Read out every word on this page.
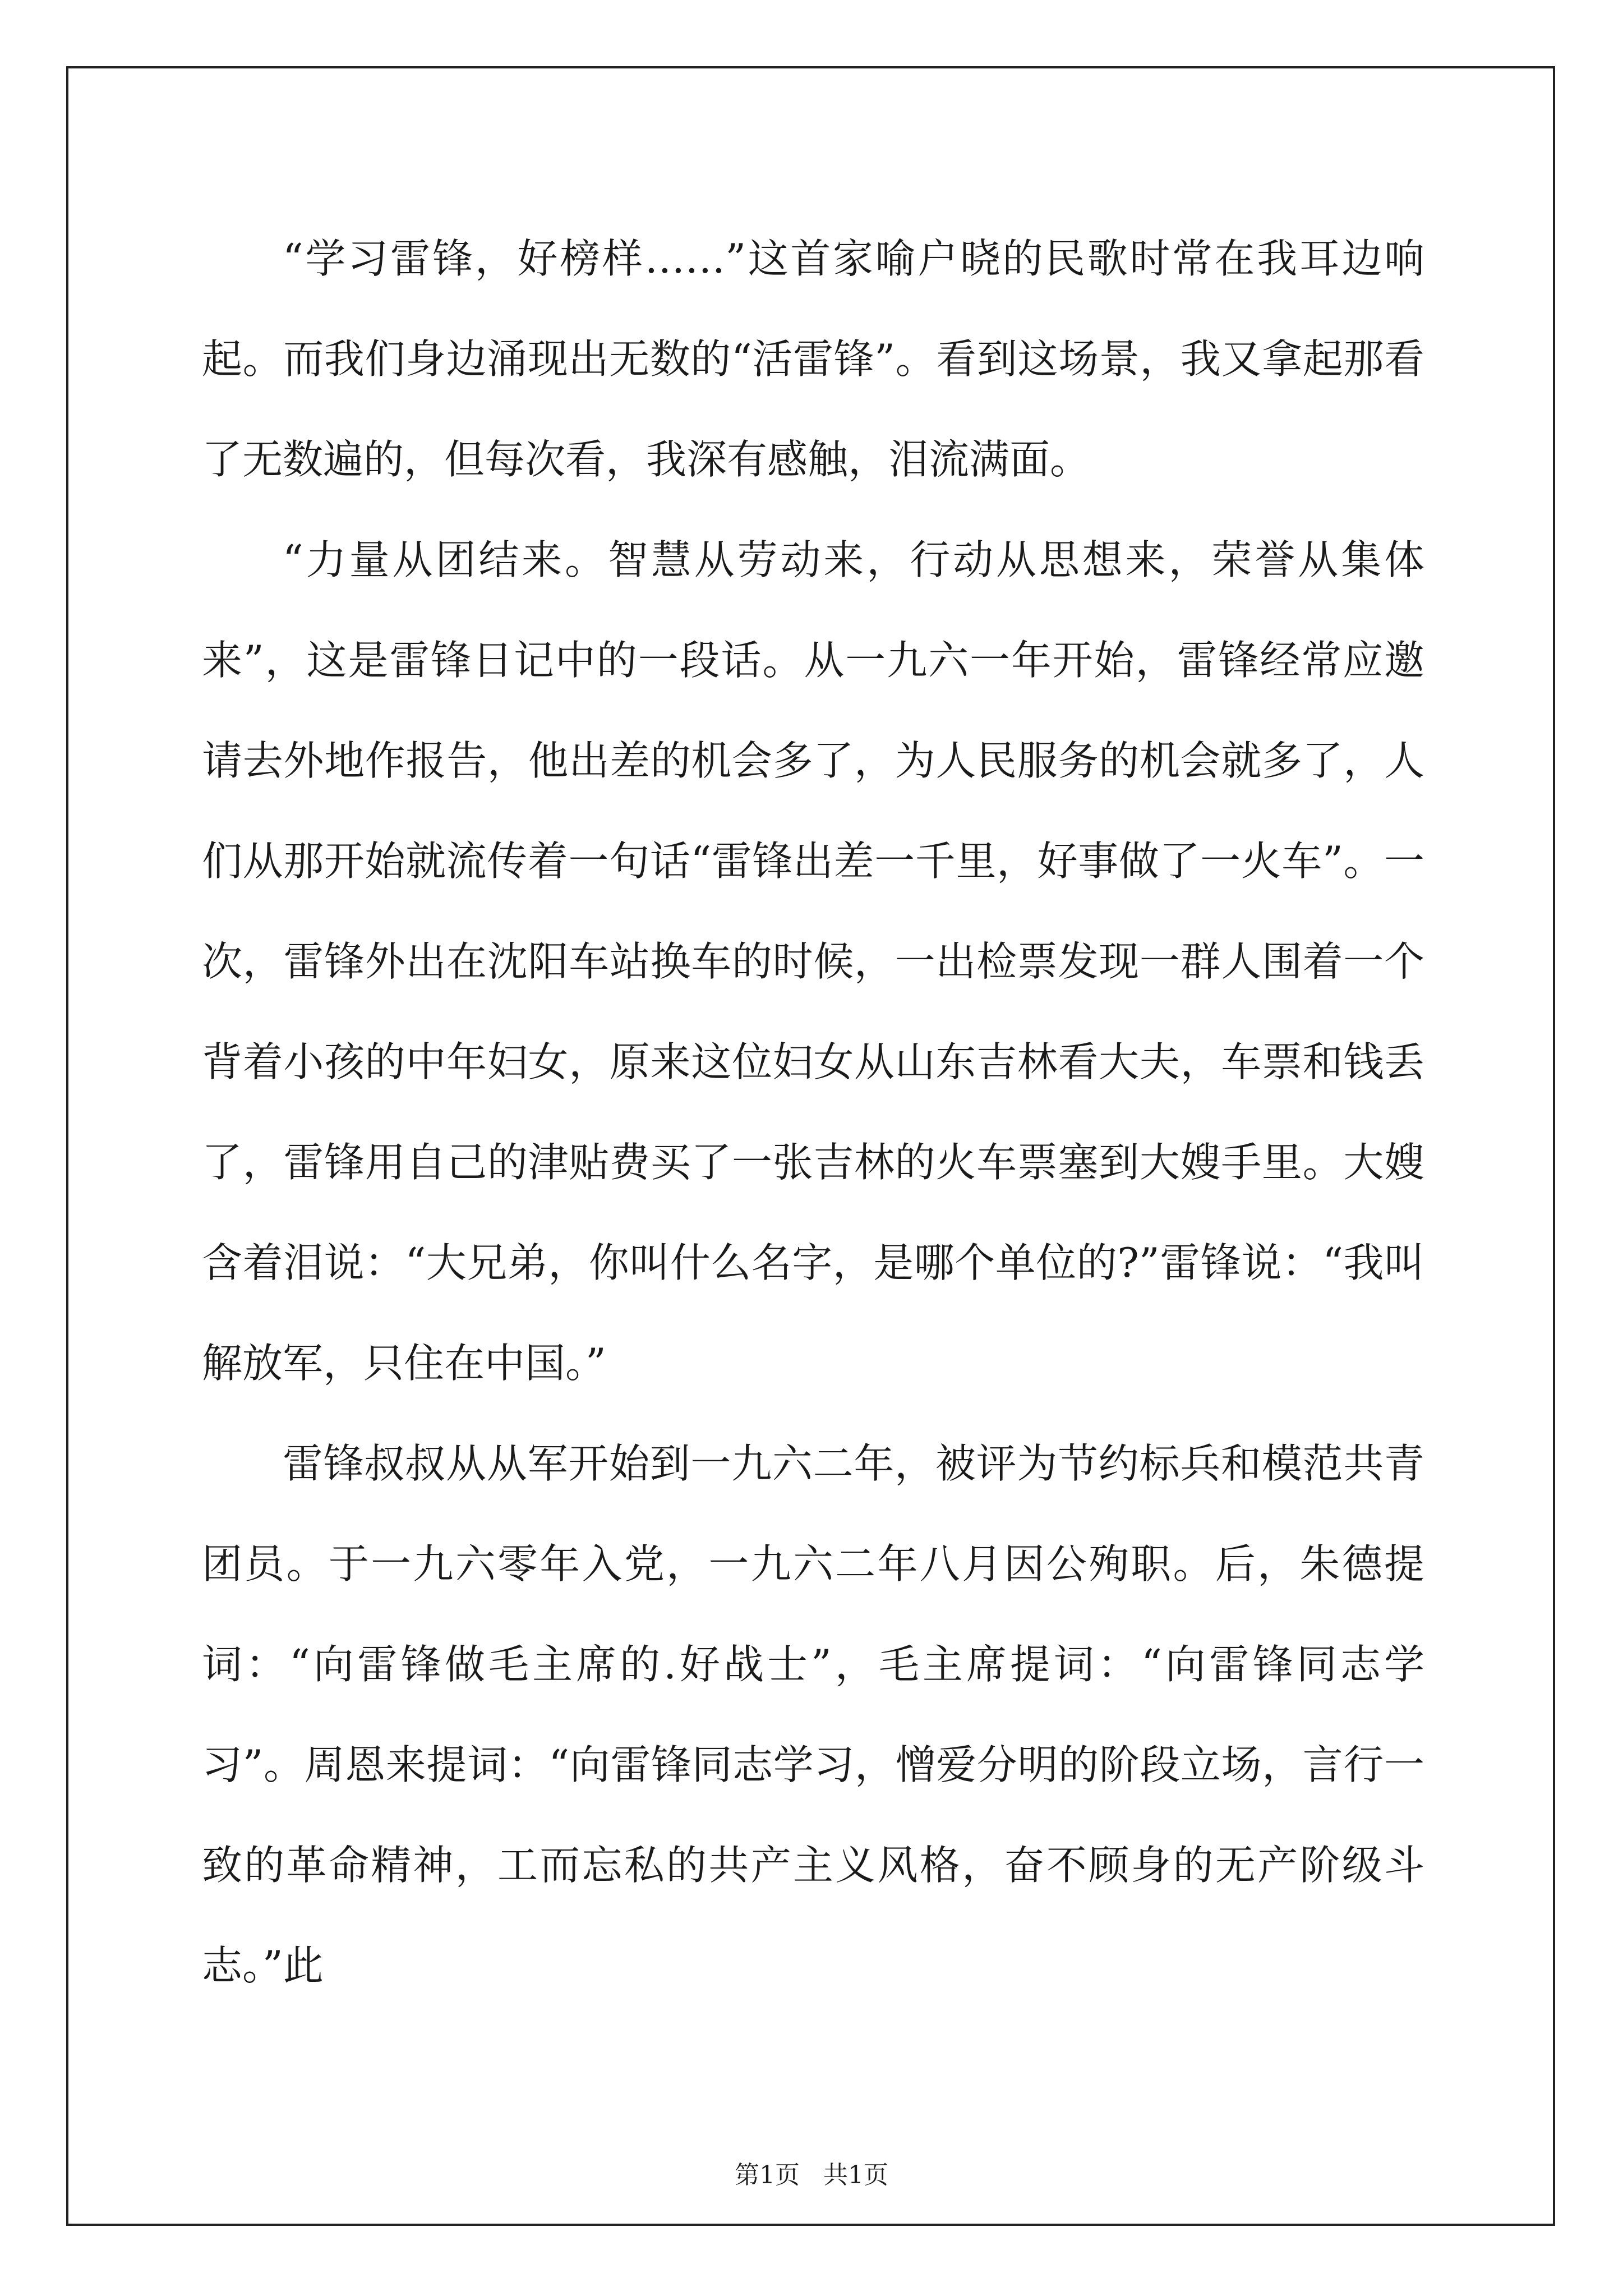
“学习雷锋，好榜样……”这首家喻户晓的民歌时常在我耳边响起。而我们身边涌现出无数的“活雷锋”。看到这场景，我又拿起那看了无数遍的，但每次看，我深有感触，泪流满面。

“力量从团结来。智慧从劳动来，行动从思想来，荣誉从集体来”，这是雷锋日记中的一段话。从一九六一年开始，雷锋经常应邀请去外地作报告，他出差的机会多了，为人民服务的机会就多了，人们从那开始就流传着一句话“雷锋出差一千里，好事做了一火车”。一次，雷锋外出在沈阳车站换车的时候，一出检票发现一群人围着一个背着小孩的中年妇女，原来这位妇女从山东吉林看大夫，车票和钱丢了，雷锋用自己的津贴费买了一张吉林的火车票塞到大嫂手里。大嫂含着泪说：“大兄弟，你叫什么名字，是哪个单位的?”雷锋说：“我叫解放军，只住在中国。”

雷锋叔叔从从军开始到一九六二年，被评为节约标兵和模范共青团员。于一九六零年入党，一九六二年八月因公殉职。后，朱德提词：“向雷锋做毛主席的.好战士”，毛主席提词：“向雷锋同志学习”。周恩来提词：“向雷锋同志学习，憎爱分明的阶段立场，言行一致的革命精神，工而忘私的共产主义风格，奋不顾身的无产阶级斗志。”此

第1页 共1页
